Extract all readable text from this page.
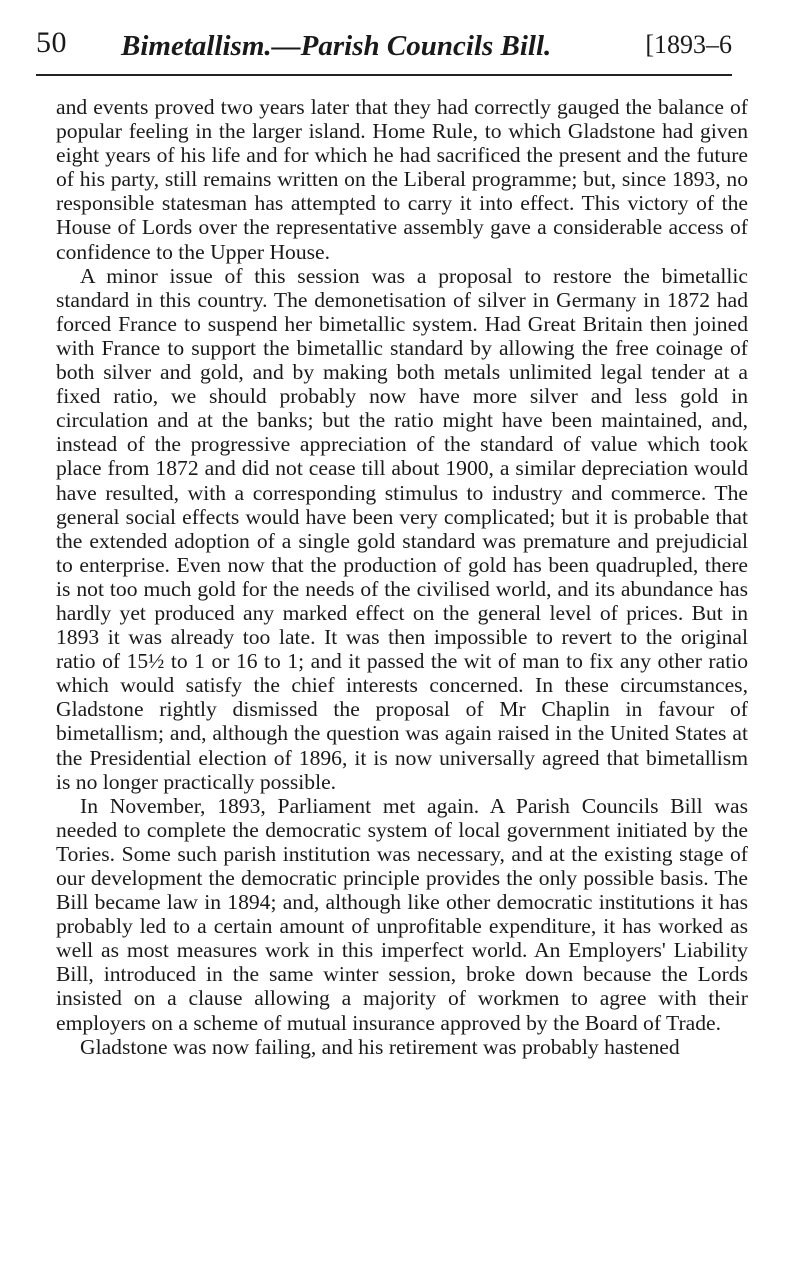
50 Bimetallism.—Parish Councils Bill.	[1893–6

and events proved two years later that they had correctly gauged the balance of popular feeling in the larger island. Home Rule, to which Gladstone had given eight years of his life and for which he had sacrificed the present and the future of his party, still remains written on the Liberal programme; but, since 1893, no responsible statesman has attempted to carry it into effect. This victory of the House of Lords over the representative assembly gave a considerable access of confidence to the Upper House.

A minor issue of this session was a proposal to restore the bimetallic standard in this country. The demonetisation of silver in Germany in 1872 had forced France to suspend her bimetallic system. Had Great Britain then joined with France to support the bimetallic standard by allowing the free coinage of both silver and gold, and by making both metals unlimited legal tender at a fixed ratio, we should probably now have more silver and less gold in circulation and at the banks; but the ratio might have been maintained, and, instead of the progressive appreciation of the standard of value which took place from 1872 and did not cease till about 1900, a similar depreciation would have resulted, with a corresponding stimulus to industry and commerce. The general social effects would have been very complicated; but it is probable that the extended adoption of a single gold standard was premature and prejudicial to enterprise. Even now that the production of gold has been quadrupled, there is not too much gold for the needs of the civilised world, and its abundance has hardly yet produced any marked effect on the general level of prices. But in 1893 it was already too late. It was then impossible to revert to the original ratio of 15½ to 1 or 16 to 1; and it passed the wit of man to fix any other ratio which would satisfy the chief interests concerned. In these circumstances, Gladstone rightly dismissed the proposal of Mr Chaplin in favour of bimetallism; and, although the question was again raised in the United States at the Presidential election of 1896, it is now universally agreed that bimetallism is no longer practically possible.

In November, 1893, Parliament met again. A Parish Councils Bill was needed to complete the democratic system of local government initiated by the Tories. Some such parish institution was necessary, and at the existing stage of our development the democratic principle provides the only possible basis. The Bill became law in 1894; and, although like other democratic institutions it has probably led to a certain amount of unprofitable expenditure, it has worked as well as most measures work in this imperfect world. An Employers' Liability Bill, introduced in the same winter session, broke down because the Lords insisted on a clause allowing a majority of workmen to agree with their employers on a scheme of mutual insurance approved by the Board of Trade.

Gladstone was now failing, and his retirement was probably hastened
